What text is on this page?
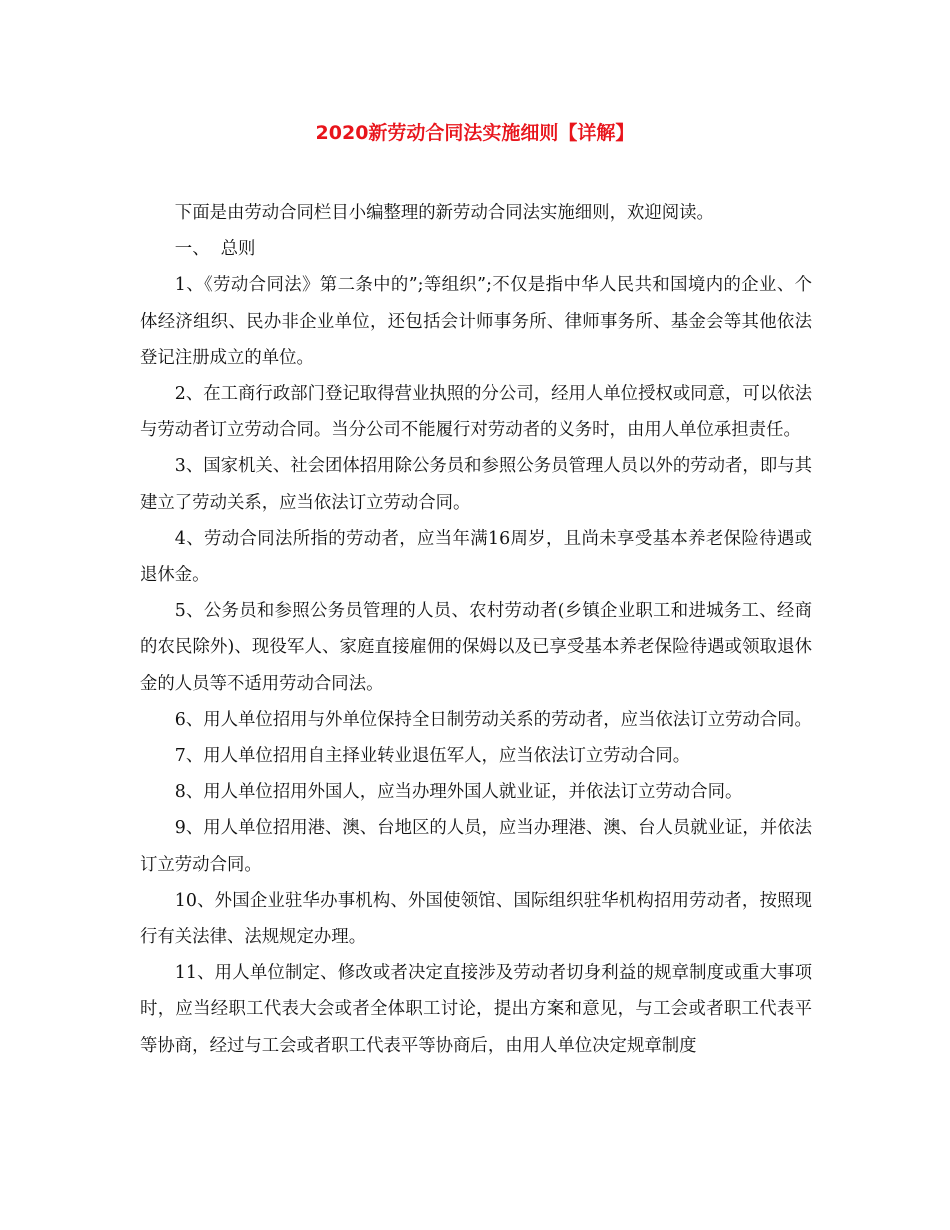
2020新劳动合同法实施细则【详解】

下面是由劳动合同栏目小编整理的新劳动合同法实施细则，欢迎阅读。

一、  总则

1、《劳动合同法》第二条中的”;等组织”;不仅是指中华人民共和国境内的企业、个体经济组织、民办非企业单位，还包括会计师事务所、律师事务所、基金会等其他依法登记注册成立的单位。

2、在工商行政部门登记取得营业执照的分公司，经用人单位授权或同意，可以依法与劳动者订立劳动合同。当分公司不能履行对劳动者的义务时，由用人单位承担责任。

3、国家机关、社会团体招用除公务员和参照公务员管理人员以外的劳动者，即与其建立了劳动关系，应当依法订立劳动合同。

4、劳动合同法所指的劳动者，应当年满16周岁，且尚未享受基本养老保险待遇或退休金。

5、公务员和参照公务员管理的人员、农村劳动者(乡镇企业职工和进城务工、经商的农民除外)、现役军人、家庭直接雇佣的保姆以及已享受基本养老保险待遇或领取退休金的人员等不适用劳动合同法。

6、用人单位招用与外单位保持全日制劳动关系的劳动者，应当依法订立劳动合同。

7、用人单位招用自主择业转业退伍军人，应当依法订立劳动合同。

8、用人单位招用外国人，应当办理外国人就业证，并依法订立劳动合同。

9、用人单位招用港、澳、台地区的人员，应当办理港、澳、台人员就业证，并依法订立劳动合同。

10、外国企业驻华办事机构、外国使领馆、国际组织驻华机构招用劳动者，按照现行有关法律、法规规定办理。

11、用人单位制定、修改或者决定直接涉及劳动者切身利益的规章制度或重大事项时，应当经职工代表大会或者全体职工讨论，提出方案和意见，与工会或者职工代表平等协商，经过与工会或者职工代表平等协商后，由用人单位决定规章制度
